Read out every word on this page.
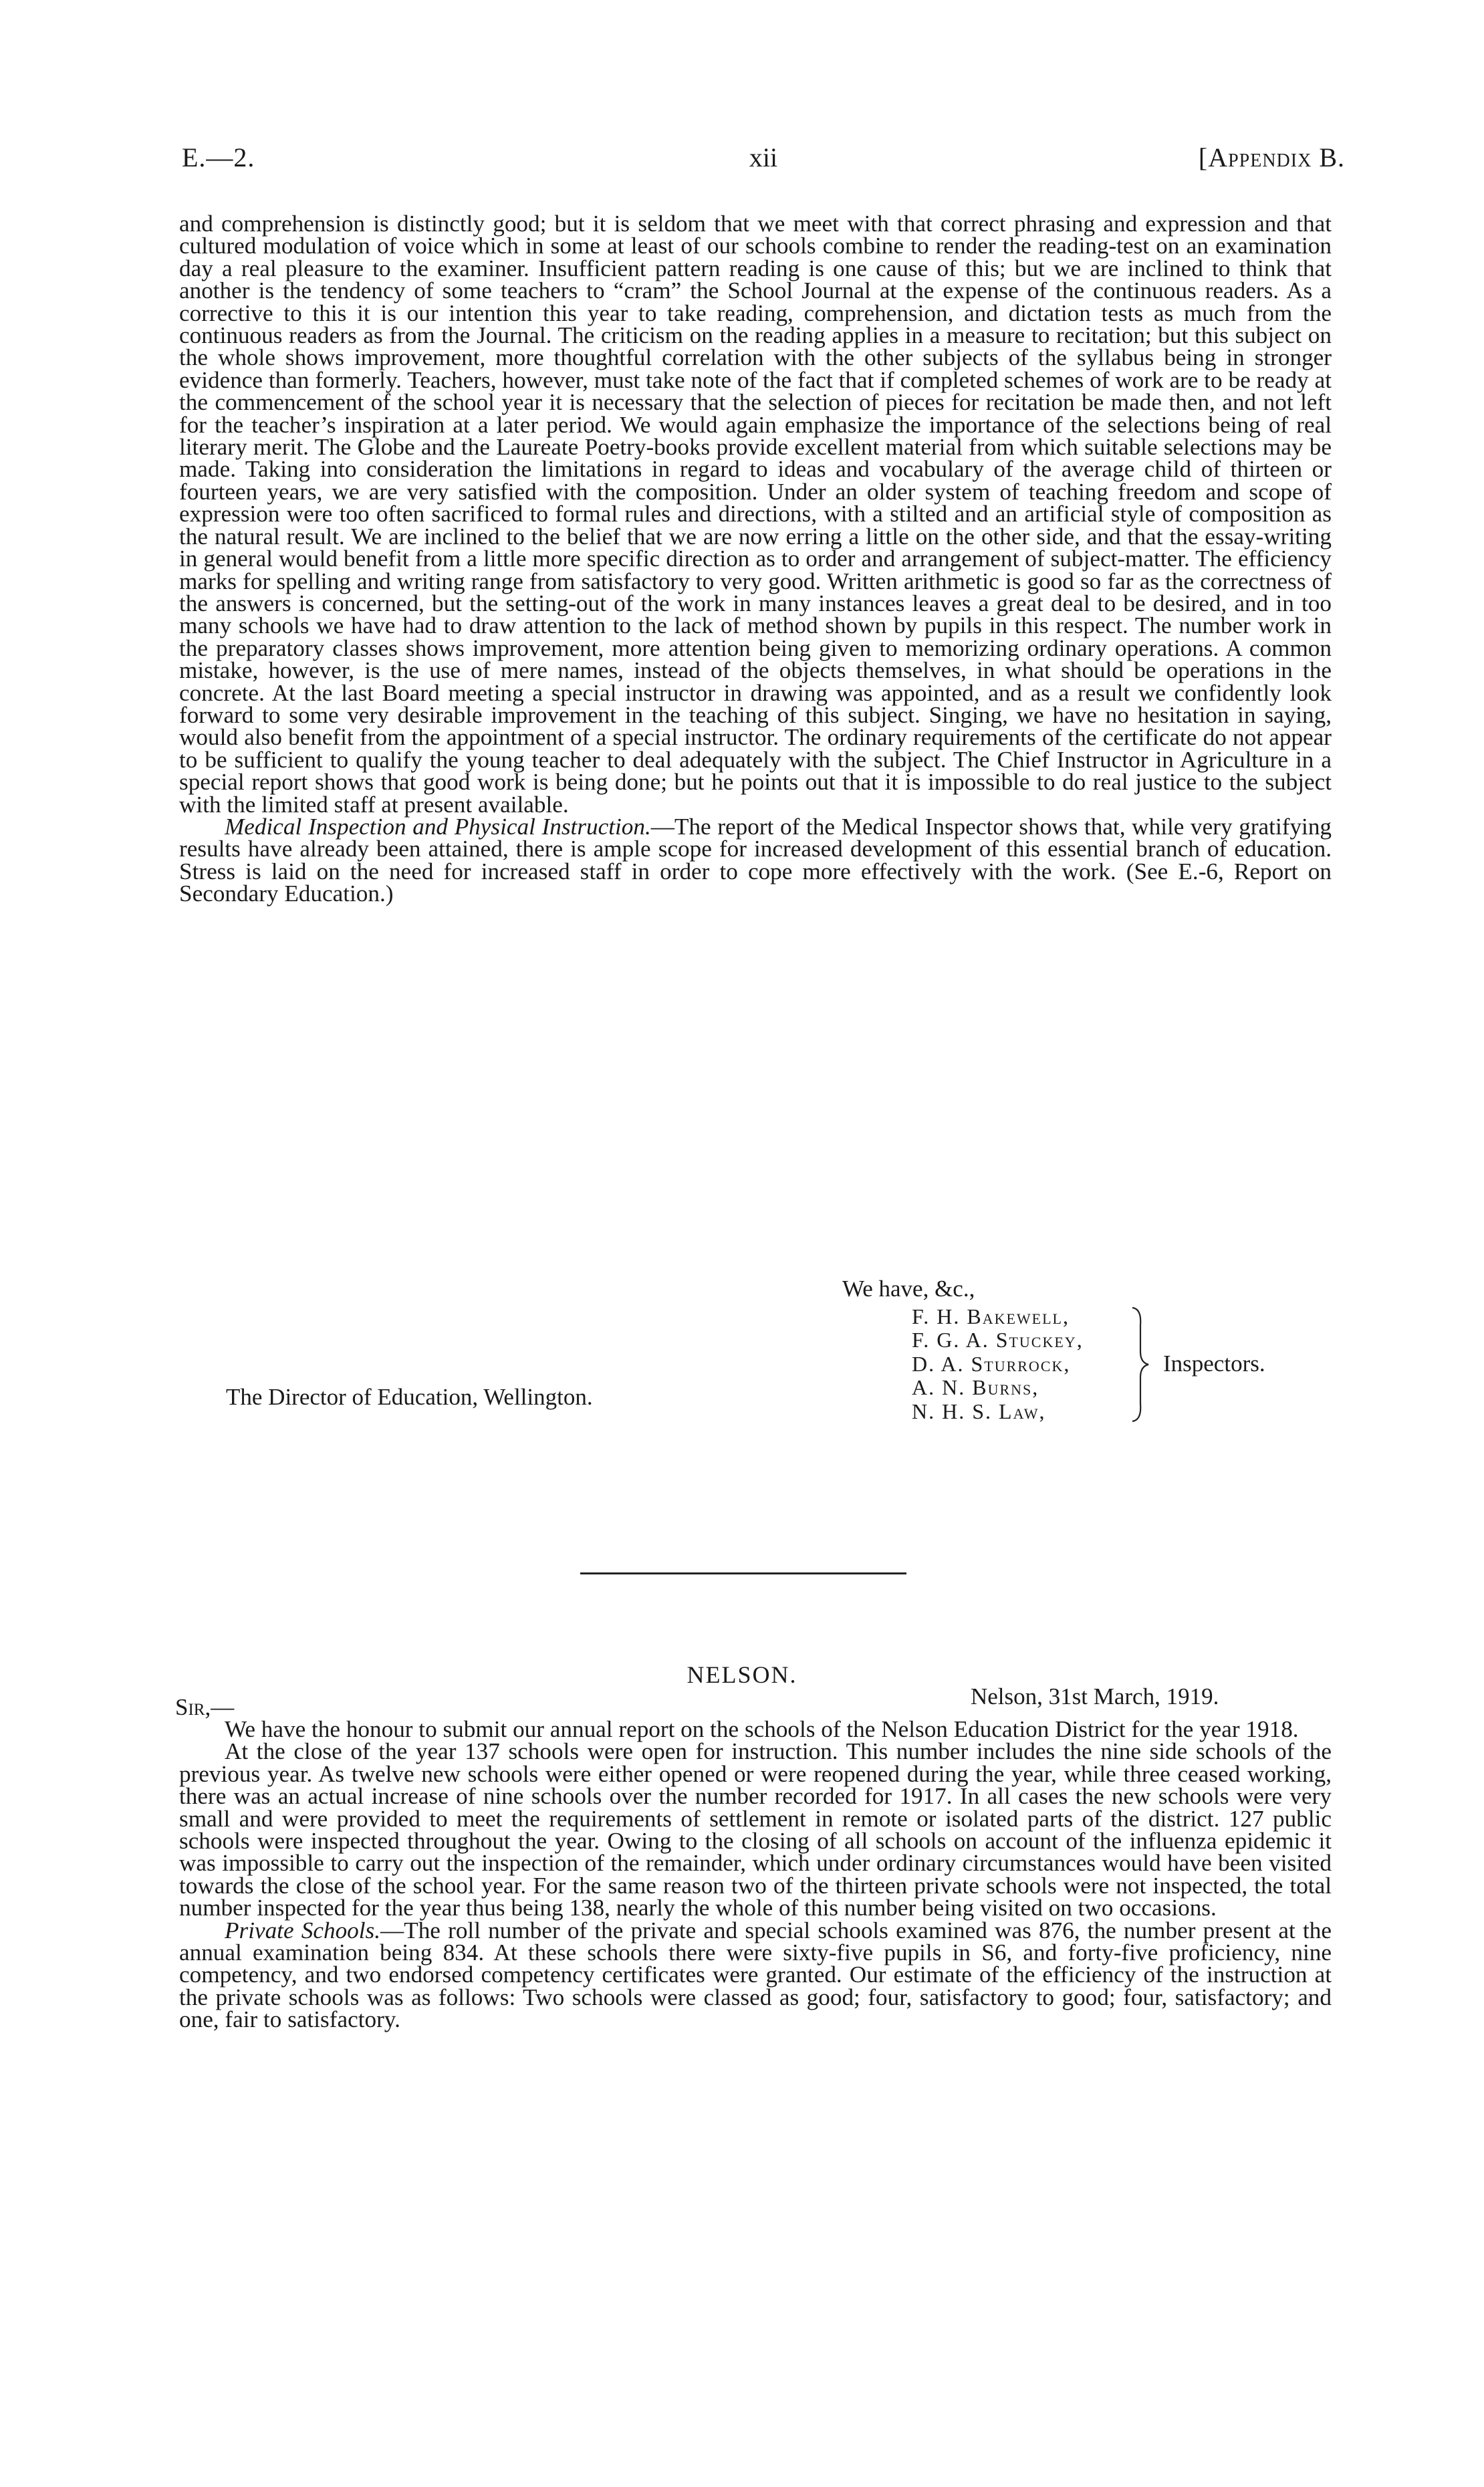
E.—2.	xii	[Appendix B.

and comprehension is distinctly good; but it is seldom that we meet with that correct phrasing and expression and that cultured modulation of voice which in some at least of our schools combine to render the reading-test on an examination day a real pleasure to the examiner. Insufficient pattern reading is one cause of this; but we are inclined to think that another is the tendency of some teachers to “cram” the School Journal at the expense of the continuous readers. As a corrective to this it is our intention this year to take reading, comprehension, and dictation tests as much from the continuous readers as from the Journal. The criticism on the reading applies in a measure to recitation; but this subject on the whole shows improvement, more thoughtful correlation with the other subjects of the syllabus being in stronger evidence than formerly. Teachers, however, must take note of the fact that if completed schemes of work are to be ready at the commencement of the school year it is necessary that the selection of pieces for recitation be made then, and not left for the teacher’s inspiration at a later period. We would again emphasize the importance of the selections being of real literary merit. The Globe and the Laureate Poetry-books provide excellent material from which suitable selections may be made. Taking into consideration the limitations in regard to ideas and vocabulary of the average child of thirteen or fourteen years, we are very satisfied with the composition. Under an older system of teaching freedom and scope of expression were too often sacrificed to formal rules and directions, with a stilted and an artificial style of composition as the natural result. We are inclined to the belief that we are now erring a little on the other side, and that the essay-writing in general would benefit from a little more specific direction as to order and arrangement of subject-matter. The efficiency marks for spelling and writing range from satisfactory to very good. Written arithmetic is good so far as the correctness of the answers is concerned, but the setting-out of the work in many instances leaves a great deal to be desired, and in too many schools we have had to draw attention to the lack of method shown by pupils in this respect. The number work in the preparatory classes shows improvement, more attention being given to memorizing ordinary operations. A common mistake, however, is the use of mere names, instead of the objects themselves, in what should be operations in the concrete. At the last Board meeting a special instructor in drawing was appointed, and as a result we confidently look forward to some very desirable improvement in the teaching of this subject. Singing, we have no hesitation in saying, would also benefit from the appointment of a special instructor. The ordinary requirements of the certificate do not appear to be sufficient to qualify the young teacher to deal adequately with the subject. The Chief Instructor in Agriculture in a special report shows that good work is being done; but he points out that it is impossible to do real justice to the subject with the limited staff at present available.

Medical Inspection and Physical Instruction.—The report of the Medical Inspector shows that, while very gratifying results have already been attained, there is ample scope for increased development of this essential branch of education. Stress is laid on the need for increased staff in order to cope more effectively with the work. (See E.-6, Report on Secondary Education.)

We have, &c.,
F. H. Bakewell,
F. G. A. Stuckey,
D. A. Sturrock,
A. N. Burns,
N. H. S. Law,
Inspectors.
The Director of Education, Wellington.
NELSON.
Sir,—	Nelson, 31st March, 1919.

We have the honour to submit our annual report on the schools of the Nelson Education District for the year 1918.

At the close of the year 137 schools were open for instruction. This number includes the nine side schools of the previous year. As twelve new schools were either opened or were reopened during the year, while three ceased working, there was an actual increase of nine schools over the number recorded for 1917. In all cases the new schools were very small and were provided to meet the requirements of settlement in remote or isolated parts of the district. 127 public schools were inspected throughout the year. Owing to the closing of all schools on account of the influenza epidemic it was impossible to carry out the inspection of the remainder, which under ordinary circumstances would have been visited towards the close of the school year. For the same reason two of the thirteen private schools were not inspected, the total number inspected for the year thus being 138, nearly the whole of this number being visited on two occasions.

Private Schools.—The roll number of the private and special schools examined was 876, the number present at the annual examination being 834. At these schools there were sixty-five pupils in S6, and forty-five proficiency, nine competency, and two endorsed competency certificates were granted. Our estimate of the efficiency of the instruction at the private schools was as follows: Two schools were classed as good; four, satisfactory to good; four, satisfactory; and one, fair to satisfactory.
